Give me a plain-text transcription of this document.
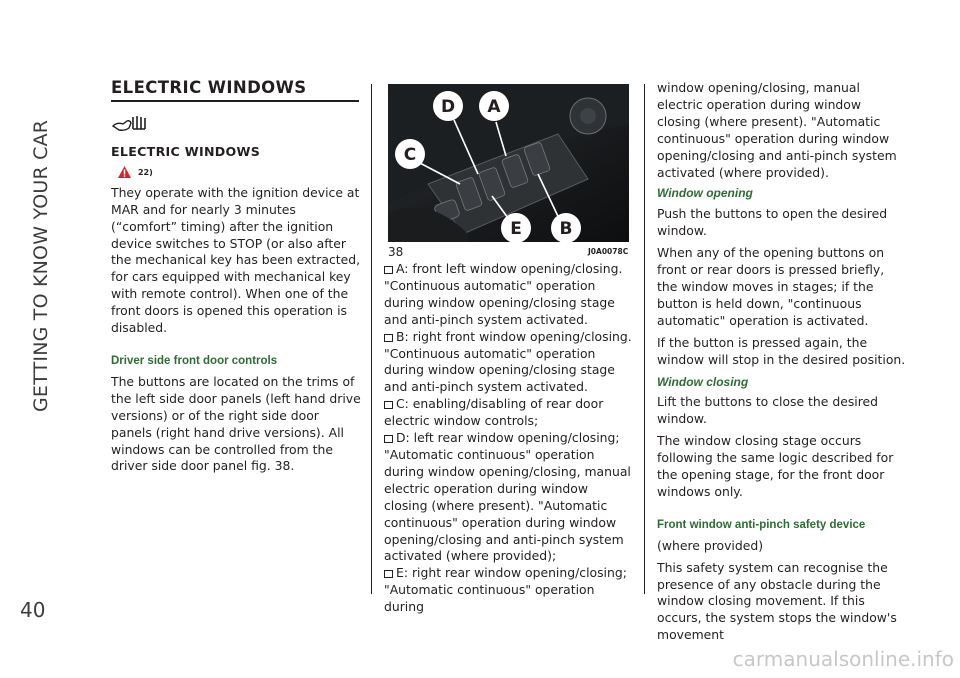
GETTING TO KNOW YOUR CAR
40
ELECTRIC WINDOWS
ELECTRIC WINDOWS
22)

They operate with the ignition device at MAR and for nearly 3 minutes (“comfort” timing) after the ignition device switches to STOP (or also after the mechanical key has been extracted, for cars equipped with mechanical key with remote control). When one of the front doors is opened this operation is disabled.

Driver side front door controls

The buttons are located on the trims of the left side door panels (left hand drive versions) or of the right side door panels (right hand drive versions). All windows can be controlled from the driver side door panel fig. 38.

D A
C
E B
38	J0A0078C

A: front left window opening/closing. "Continuous automatic" operation during window opening/closing stage and anti-pinch system activated.

B: right front window opening/closing. "Continuous automatic" operation during window opening/closing stage and anti-pinch system activated.

C: enabling/disabling of rear door electric window controls;

D: left rear window opening/closing; "Automatic continuous" operation during window opening/closing, manual electric operation during window closing (where present). "Automatic continuous" operation during window opening/closing and anti-pinch system activated (where provided);

E: right rear window opening/closing; "Automatic continuous" operation during

window opening/closing, manual electric operation during window closing (where present). "Automatic continuous" operation during window opening/closing and anti-pinch system activated (where provided).

Window opening

Push the buttons to open the desired window.

When any of the opening buttons on front or rear doors is pressed briefly, the window moves in stages; if the button is held down, "continuous automatic" operation is activated.

If the button is pressed again, the window will stop in the desired position.

Window closing

Lift the buttons to close the desired window.

The window closing stage occurs following the same logic described for the opening stage, for the front door windows only.

Front window anti-pinch safety device

(where provided)

This safety system can recognise the presence of any obstacle during the window closing movement. If this occurs, the system stops the window's movement

carmanualsonline.info
